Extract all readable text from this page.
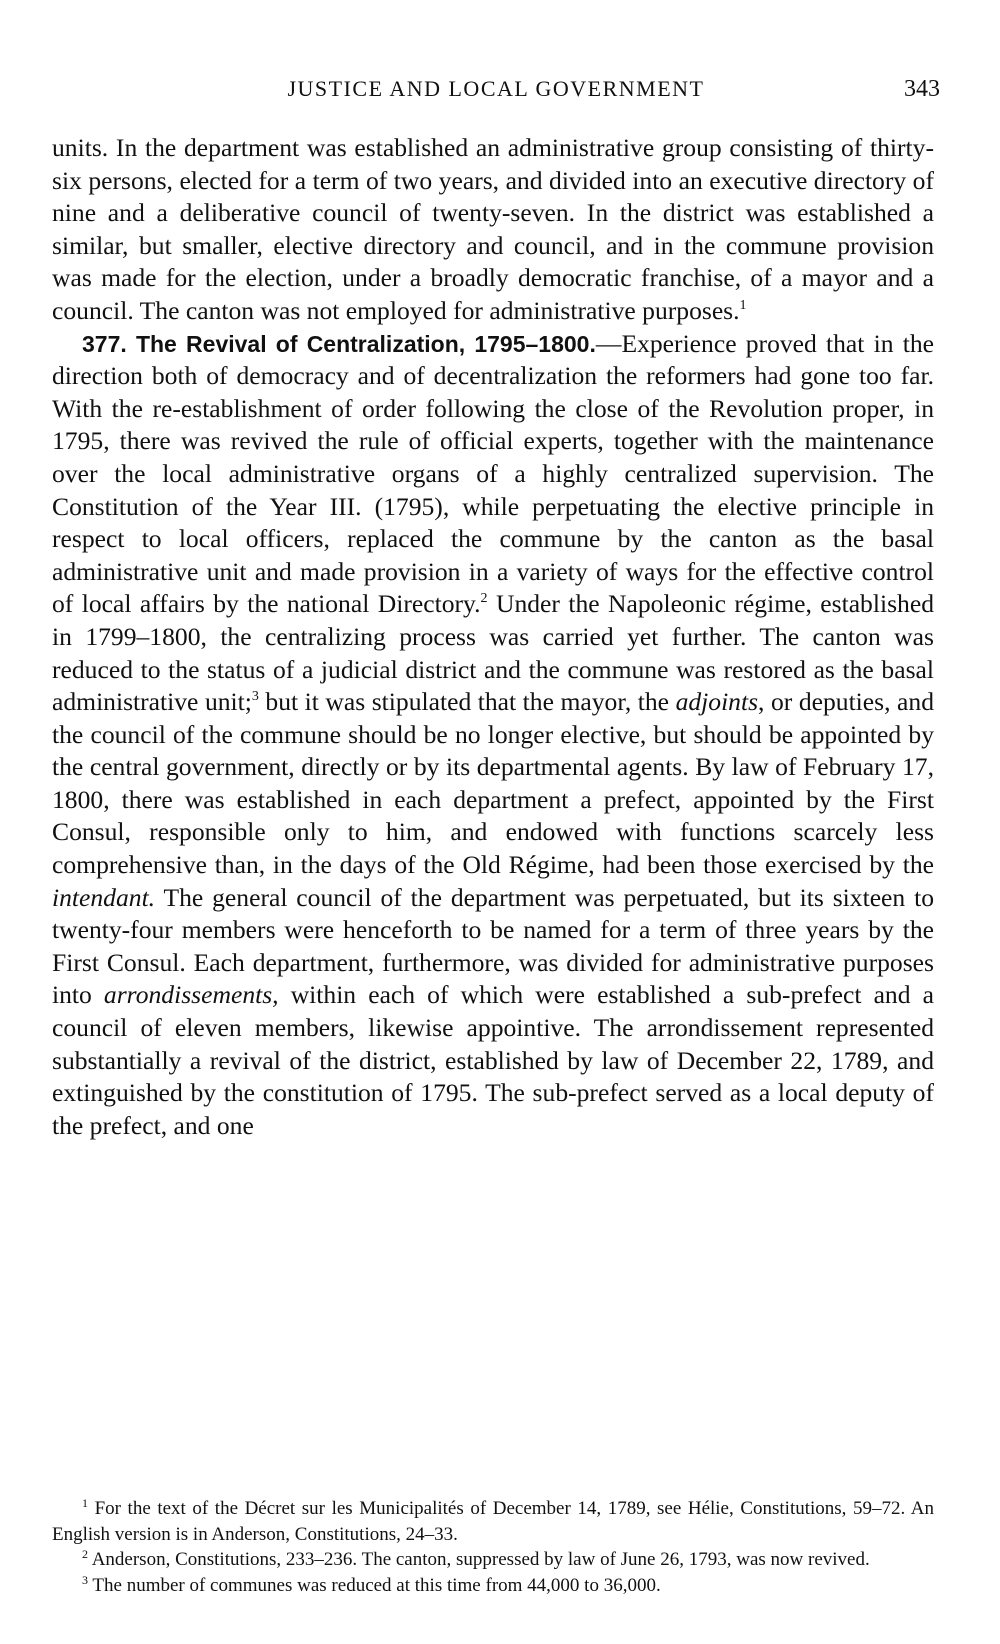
JUSTICE AND LOCAL GOVERNMENT	343

units. In the department was established an administrative group consisting of thirty-six persons, elected for a term of two years, and divided into an executive directory of nine and a deliberative council of twenty-seven. In the district was established a similar, but smaller, elective directory and council, and in the commune provision was made for the election, under a broadly democratic franchise, of a mayor and a council. The canton was not employed for administrative purposes.$^1$

377. The Revival of Centralization, 1795–1800.—Experience proved that in the direction both of democracy and of decentralization the reformers had gone too far. With the re-establishment of order following the close of the Revolution proper, in 1795, there was revived the rule of official experts, together with the maintenance over the local administrative organs of a highly centralized supervision. The Constitution of the Year III. (1795), while perpetuating the elective principle in respect to local officers, replaced the commune by the canton as the basal administrative unit and made provision in a variety of ways for the effective control of local affairs by the national Directory.$^2$ Under the Napoleonic régime, established in 1799–1800, the centralizing process was carried yet further. The canton was reduced to the status of a judicial district and the commune was restored as the basal administrative unit;$^3$ but it was stipulated that the mayor, the adjoints, or deputies, and the council of the commune should be no longer elective, but should be appointed by the central government, directly or by its departmental agents. By law of February 17, 1800, there was established in each department a prefect, appointed by the First Consul, responsible only to him, and endowed with functions scarcely less comprehensive than, in the days of the Old Régime, had been those exercised by the intendant. The general council of the department was perpetuated, but its sixteen to twenty-four members were henceforth to be named for a term of three years by the First Consul. Each department, furthermore, was divided for administrative purposes into arrondissements, within each of which were established a sub-prefect and a council of eleven members, likewise appointive. The arrondissement represented substantially a revival of the district, established by law of December 22, 1789, and extinguished by the constitution of 1795. The sub-prefect served as a local deputy of the prefect, and one

$^1$ For the text of the Décret sur les Municipalités of December 14, 1789, see Hélie, Constitutions, 59–72. An English version is in Anderson, Constitutions, 24–33.

$^2$ Anderson, Constitutions, 233–236. The canton, suppressed by law of June 26, 1793, was now revived.

$^3$ The number of communes was reduced at this time from 44,000 to 36,000.
